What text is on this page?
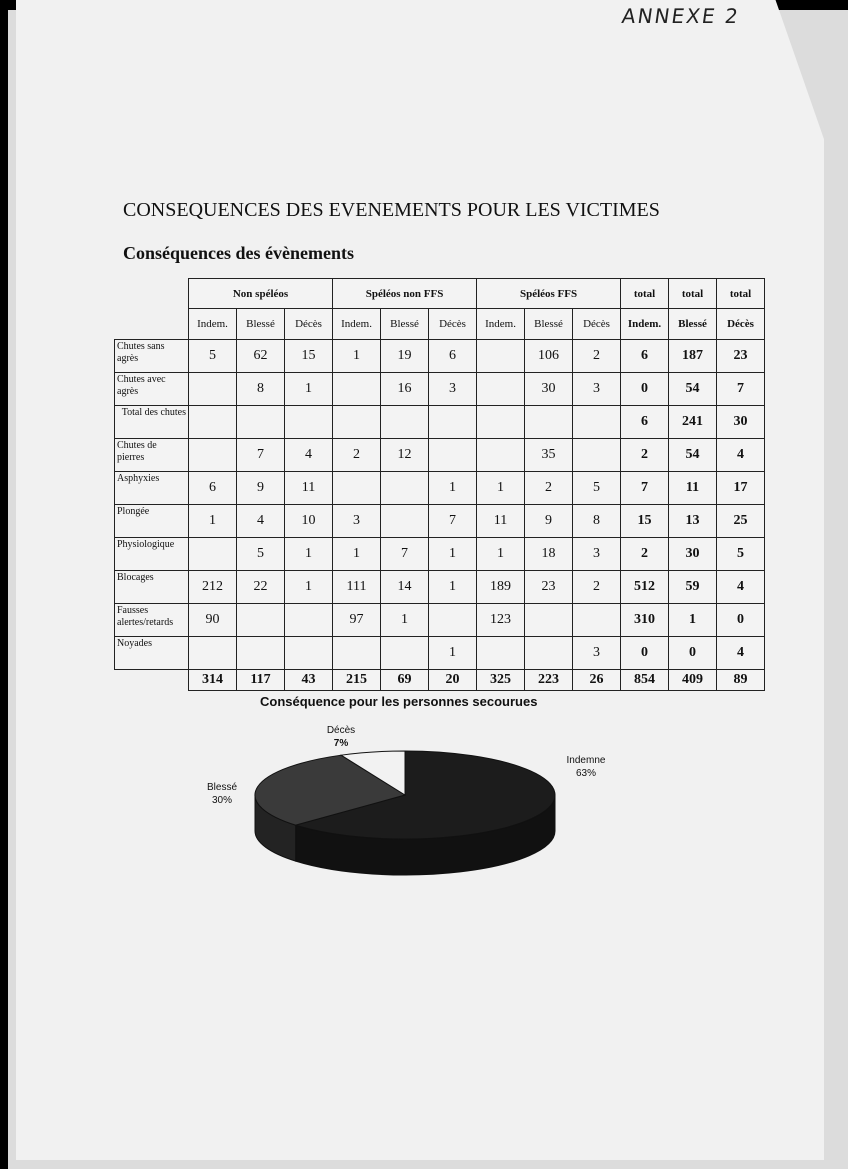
ANNEXE 2
CONSEQUENCES DES EVENEMENTS POUR LES VICTIMES
Conséquences des évènements
	Non spéléos			Spéléos non FFS			Spéléos FFS			total	total	total
	Indem.	Blessé	Décès	Indem.	Blessé	Décès	Indem.	Blessé	Décès	Indem.	Blessé	Décès
Chutes sans agrès	5	62	15	1	19	6		106	2	6	187	23
Chutes avec agrès		8	1		16	3		30	3	0	54	7
Total des chutes										6	241	30
Chutes de pierres		7	4	2	12			35		2	54	4
Asphyxies	6	9	11			1	1	2	5	7	11	17
Plongée	1	4	10	3		7	11	9	8	15	13	25
Physiologique		5	1	1	7	1	1	18	3	2	30	5
Blocages	212	22	1	111	14	1	189	23	2	512	59	4
Fausses alertes/retards	90			97	1		123			310	1	0
Noyades						1			3	0	0	4
	314	117	43	215	69	20	325	223	26	854	409	89
Conséquence pour les personnes secourues
Décès
7%
Indemne
63%
Blessé
30%
